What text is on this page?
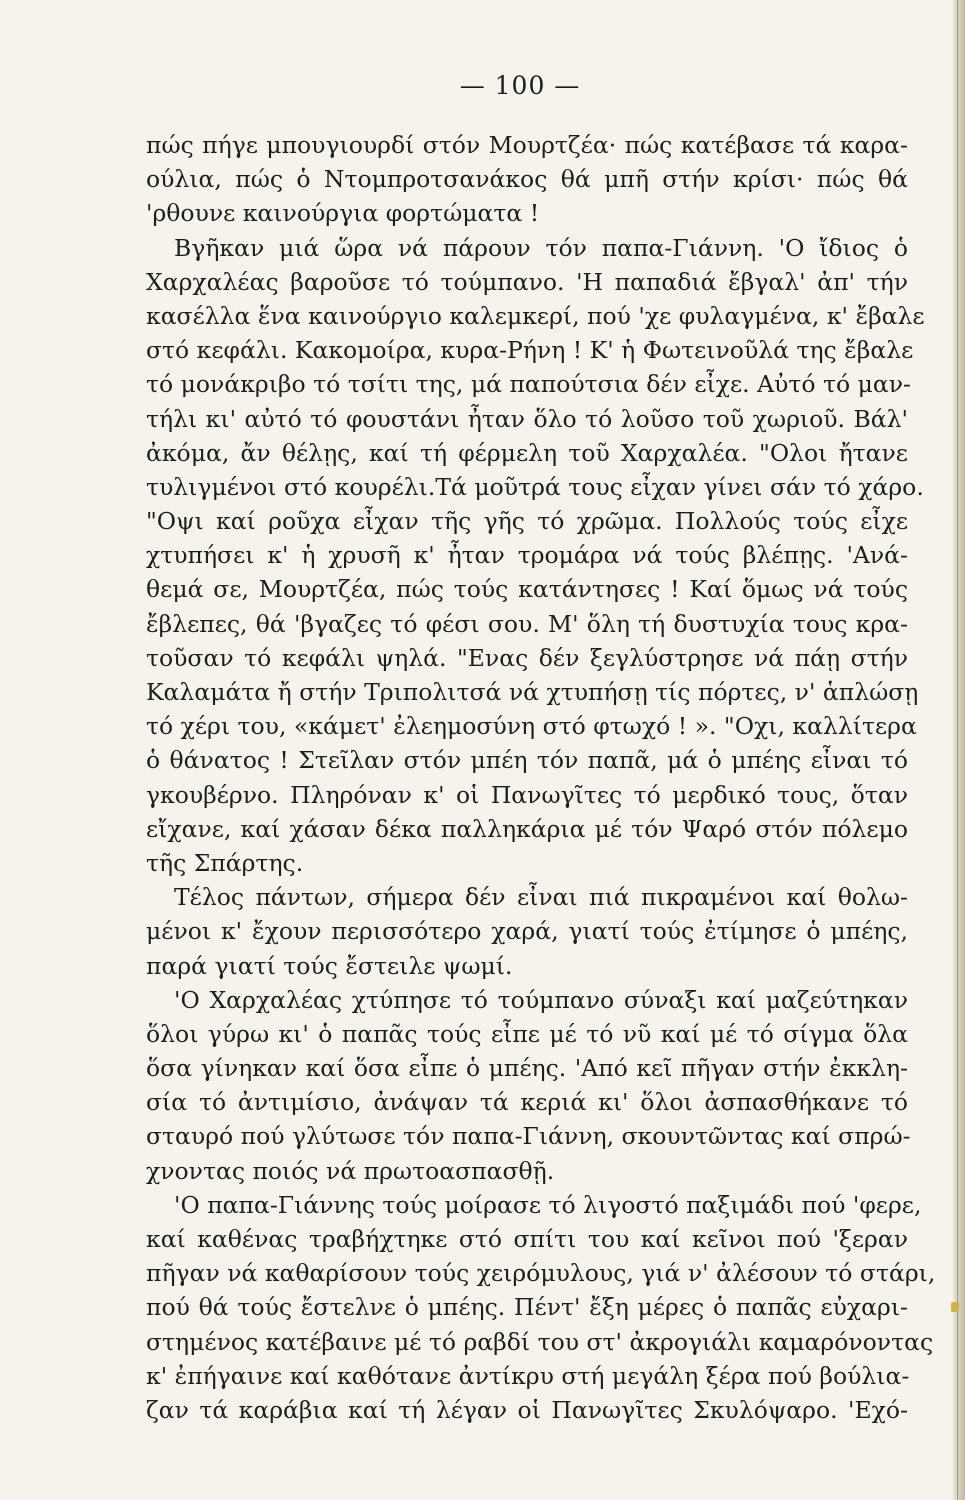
— 100 —
πώς πήγε μπουγιουρδί στόν Μουρτζέα· πώς κατέβασε τά καρα-
ούλια, πώς ὁ Ντομπροτσανάκος θά μπῆ στήν κρίσι· πώς θά
'ρθουνε καινούργια φορτώματα !
Βγῆκαν μιά ὥρα νά πάρουν τόν παπα-Γιάννη. 'Ο ἴδιος ὁ
Χαρχαλέας βαροῦσε τό τούμπανο. 'Η παπαδιά ἔβγαλ' ἀπ' τήν
κασέλλα ἕνα καινούργιο καλεμκερί, πού 'χε φυλαγμένα, κ' ἔβαλε
στό κεφάλι. Κακομοίρα, κυρα-Ρήνη ! Κ' ἡ Φωτεινοῦλά της ἔβαλε
τό μονάκριβο τό τσίτι της, μά παπούτσια δέν εἶχε. Αὐτό τό μαν-
τήλι κι' αὐτό τό φουστάνι ἦταν ὅλο τό λοῦσο τοῦ χωριοῦ. Βάλ'
ἀκόμα, ἄν θέλῃς, καί τή φέρμελη τοῦ Χαρχαλέα. "Ολοι ἤτανε
τυλιγμένοι στό κουρέλι.Τά μοῦτρά τους εἶχαν γίνει σάν τό χάρο.
"Οψι καί ροῦχα εἶχαν τῆς γῆς τό χρῶμα. Πολλούς τούς εἶχε
χτυπήσει κ' ἡ χρυσῆ κ' ἦταν τρομάρα νά τούς βλέπῃς. 'Ανά-
θεμά σε, Μουρτζέα, πώς τούς κατάντησες ! Καί ὅμως νά τούς
ἔβλεπες, θά 'βγαζες τό φέσι σου. Μ' ὅλη τή δυστυχία τους κρα-
τοῦσαν τό κεφάλι ψηλά. "Ενας δέν ξεγλύστρησε νά πάῃ στήν
Καλαμάτα ἤ στήν Τριπολιτσά νά χτυπήσῃ τίς πόρτες, ν' ἁπλώσῃ
τό χέρι του, «κάμετ' ἐλεημοσύνη στό φτωχό ! ». "Οχι, καλλίτερα
ὁ θάνατος ! Στεῖλαν στόν μπέη τόν παπᾶ, μά ὁ μπέης εἶναι τό
γκουβέρνο. Πληρόναν κ' οἱ Πανωγῖτες τό μερδικό τους, ὅταν
εἴχανε, καί χάσαν δέκα παλληκάρια μέ τόν Ψαρό στόν πόλεμο
τῆς Σπάρτης.
Τέλος πάντων, σήμερα δέν εἶναι πιά πικραμένοι καί θολω-
μένοι κ' ἔχουν περισσότερο χαρά, γιατί τούς ἐτίμησε ὁ μπέης,
παρά γιατί τούς ἔστειλε ψωμί.
'Ο Χαρχαλέας χτύπησε τό τούμπανο σύναξι καί μαζεύτηκαν
ὅλοι γύρω κι' ὁ παπᾶς τούς εἶπε μέ τό νῦ καί μέ τό σίγμα ὅλα
ὅσα γίνηκαν καί ὅσα εἶπε ὁ μπέης. 'Από κεῖ πῆγαν στήν ἐκκλη-
σία τό ἀντιμίσιο, ἀνάψαν τά κεριά κι' ὅλοι ἀσπασθήκανε τό
σταυρό πού γλύτωσε τόν παπα-Γιάννη, σκουντῶντας καί σπρώ-
χνοντας ποιός νά πρωτοασπασθῇ.
'Ο παπα-Γιάννης τούς μοίρασε τό λιγοστό παξιμάδι πού 'φερε,
καί καθένας τραβήχτηκε στό σπίτι του καί κεῖνοι πού 'ξεραν
πῆγαν νά καθαρίσουν τούς χειρόμυλους, γιά ν' ἀλέσουν τό στάρι,
πού θά τούς ἔστελνε ὁ μπέης. Πέντ' ἔξη μέρες ὁ παπᾶς εὐχαρι-
στημένος κατέβαινε μέ τό ραβδί του στ' ἀκρογιάλι καμαρόνοντας
κ' ἐπήγαινε καί καθότανε ἀντίκρυ στή μεγάλη ξέρα πού βούλια-
ζαν τά καράβια καί τή λέγαν οἱ Πανωγῖτες Σκυλόψαρο. 'Εχό-
